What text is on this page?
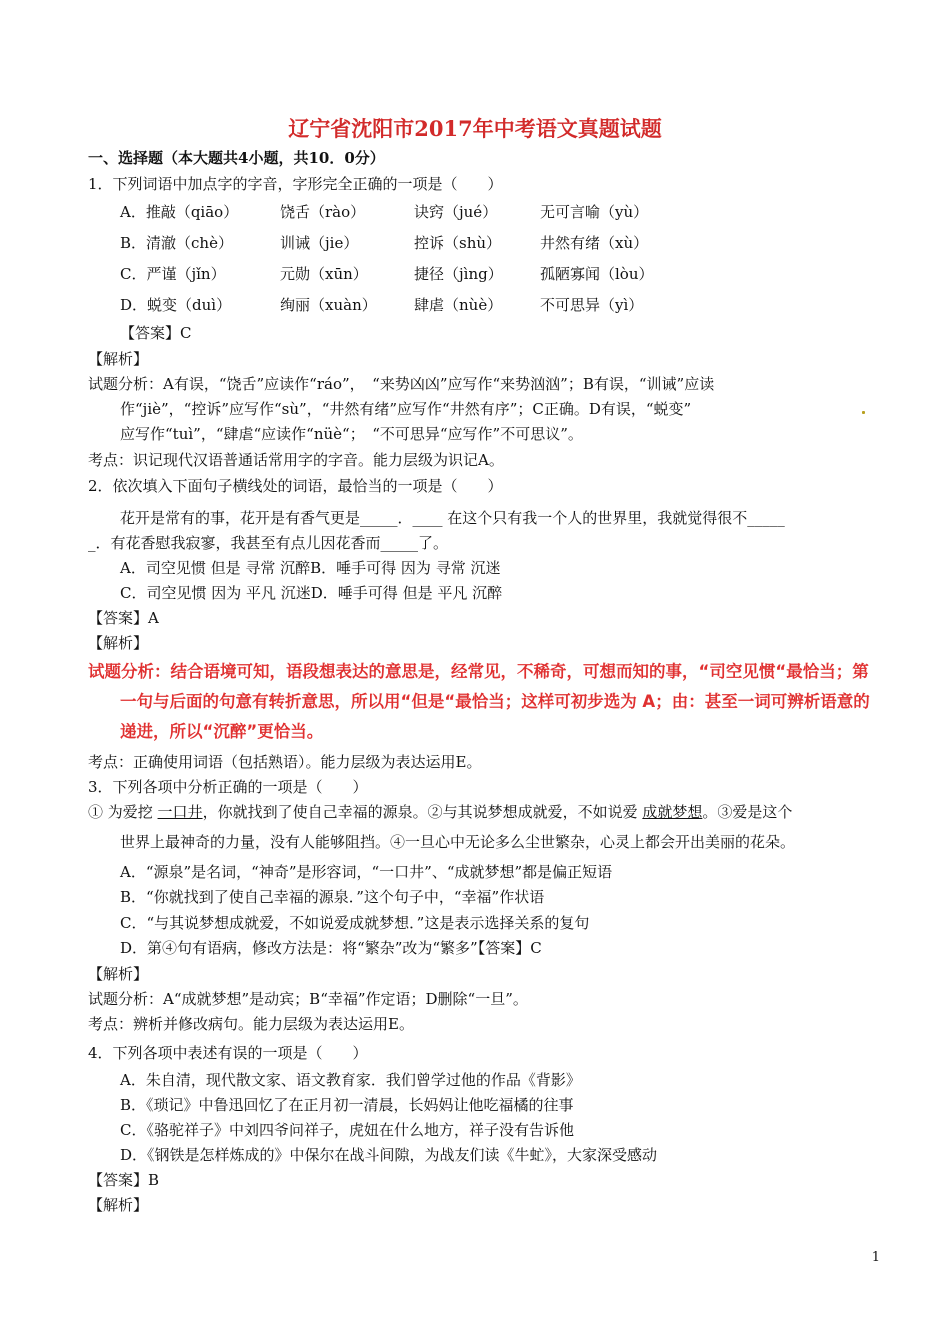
辽宁省沈阳市2017年中考语文真题试题
一、选择题（本大题共4小题，共10．0分）
1．下列词语中加点字的字音，字形完全正确的一项是（　　）
A．推敲（qiāo）	饶舌（rào）	诀窍（jué）	无可言喻（yù）
B．清澈（chè）	训诫（jie）	控诉（shù）	井然有绪（xù）
C．严谨（jǐn）	元勋（xūn）	捷径（jìng） 孤陋寡闻（lòu）
D．蜕变（duì）	绚丽（xuàn） 肆虐（nùè）	不可思异（yì）
【答案】C
【解析】
试题分析：A有误，“饶舌”应读作“ráo”，　“来势凶凶”应写作“来势汹汹”；B有误，“训诫”应读
作“jiè”，“控诉”应写作“sù”，“井然有绪”应写作“井然有序”；C正确。D有误，“蜕变”
应写作“tuì”，“肆虐“应读作“nüè“；　“不可思异“应写作”不可思议”。
考点：识记现代汉语普通话常用字的字音。能力层级为识记A。
2．依次填入下面句子横线处的词语，最恰当的一项是（　　）
花开是常有的事，花开是有香气更是_____．____ 在这个只有我一个人的世界里，我就觉得很不_____
_．有花香慰我寂寥，我甚至有点儿因花香而_____了。
A．司空见惯 但是 寻常 沉醉B．唾手可得 因为 寻常 沉迷
C．司空见惯 因为 平凡 沉迷D．唾手可得 但是 平凡 沉醉
【答案】A
【解析】
试题分析：结合语境可知，语段想表达的意思是，经常见，不稀奇，可想而知的事，“司空见惯“最恰当；第
一句与后面的句意有转折意思，所以用“但是“最恰当；这样可初步选为 A；由：甚至一词可辨析语意的
递进，所以“沉醉”更恰当。
考点：正确使用词语（包括熟语）。能力层级为表达运用E。
3．下列各项中分析正确的一项是（　　）
① 为爱挖 一口井，你就找到了使自己幸福的源泉。②与其说梦想成就爱，不如说爱 成就梦想。③爱是这个
世界上最神奇的力量，没有人能够阻挡。④一旦心中无论多么尘世繁杂，心灵上都会开出美丽的花朵。
A．“源泉”是名词，“神奇”是形容词，“一口井”、“成就梦想”都是偏正短语
B．“你就找到了使自己幸福的源泉．”这个句子中，“幸福”作状语
C．“与其说梦想成就爱，不如说爱成就梦想．”这是表示选择关系的复句
D．第④句有语病，修改方法是：将“繁杂”改为“繁多”【答案】C
【解析】
试题分析：A“成就梦想”是动宾；B“幸福”作定语；D删除“一旦”。
考点：辨析并修改病句。能力层级为表达运用E。
4．下列各项中表述有误的一项是（　　）
A．朱自清，现代散文家、语文教育家．我们曾学过他的作品《背影》
B．《琐记》中鲁迅回忆了在正月初一清晨，长妈妈让他吃福橘的往事
C．《骆驼祥子》中刘四爷问祥子，虎妞在什么地方，祥子没有告诉他
D．《钢铁是怎样炼成的》中保尔在战斗间隙，为战友们读《牛虻》，大家深受感动
【答案】B
【解析】
1
